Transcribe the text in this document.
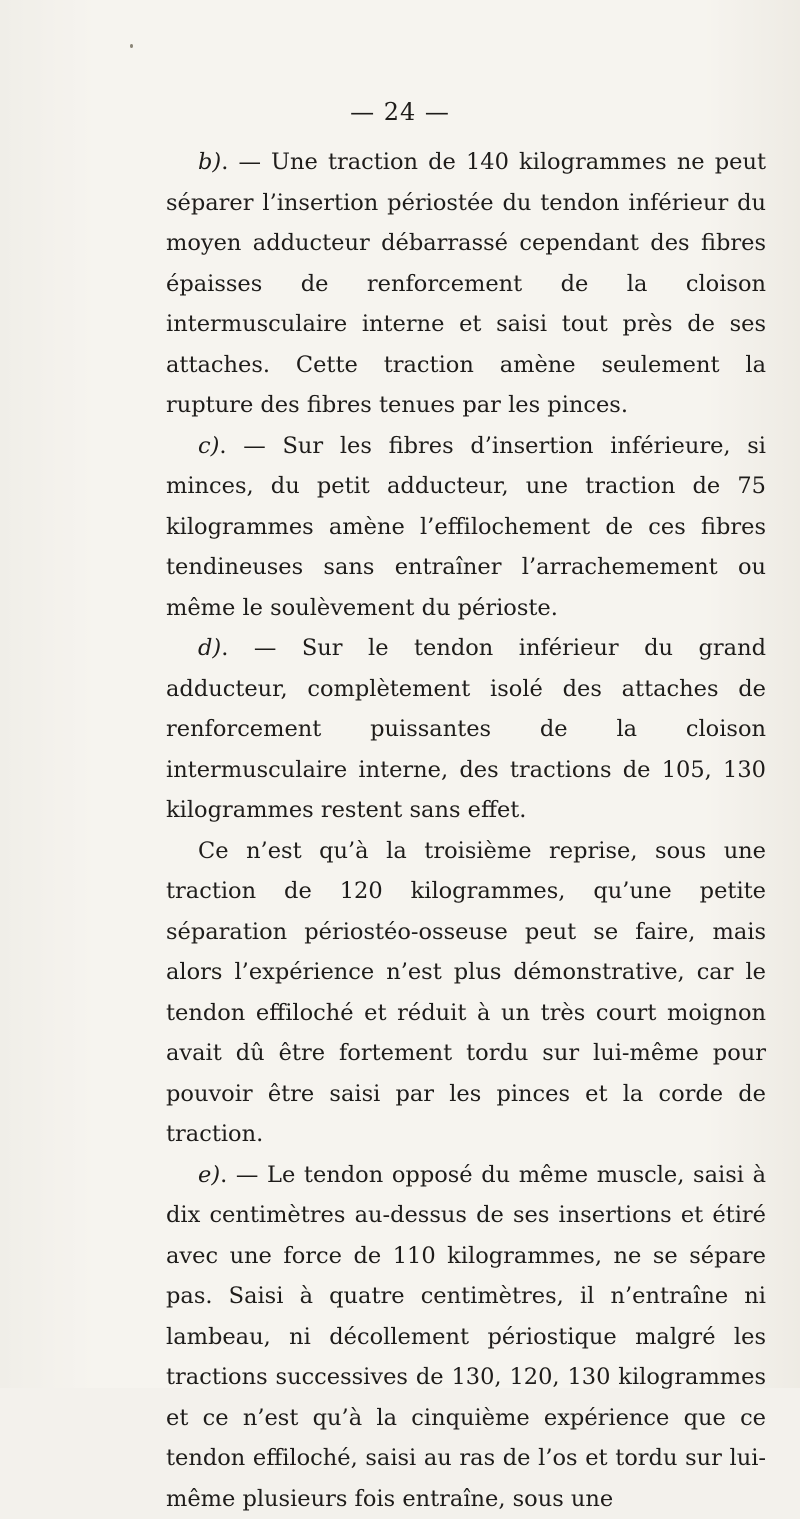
— 24 —

b). — Une traction de 140 kilogrammes ne peut séparer l’insertion périostée du tendon inférieur du moyen adducteur débarrassé cependant des fibres épaisses de renforcement de la cloison intermusculaire interne et saisi tout près de ses attaches. Cette traction amène seulement la rupture des fibres tenues par les pinces.

c). — Sur les fibres d’insertion inférieure, si minces, du petit adducteur, une traction de 75 kilogrammes amène l’effilochement de ces fibres tendineuses sans entraîner l’arrachemement ou même le soulèvement du périoste.

d). — Sur le tendon inférieur du grand adducteur, complètement isolé des attaches de renforcement puissantes de la cloison intermusculaire interne, des tractions de 105, 130 kilogrammes restent sans effet.

Ce n’est qu’à la troisième reprise, sous une traction de 120 kilogrammes, qu’une petite séparation périostéo-osseuse peut se faire, mais alors l’expérience n’est plus démonstrative, car le tendon effiloché et réduit à un très court moignon avait dû être fortement tordu sur lui-même pour pouvoir être saisi par les pinces et la corde de traction.

e). — Le tendon opposé du même muscle, saisi à dix centimètres au-dessus de ses insertions et étiré avec une force de 110 kilogrammes, ne se sépare pas. Saisi à quatre centimètres, il n’entraîne ni lambeau, ni décollement périostique malgré les tractions successives de 130, 120, 130 kilogrammes et ce n’est qu’à la cinquième expérience que ce tendon effiloché, saisi au ras de l’os et tordu sur lui-même plusieurs fois entraîne, sous une
